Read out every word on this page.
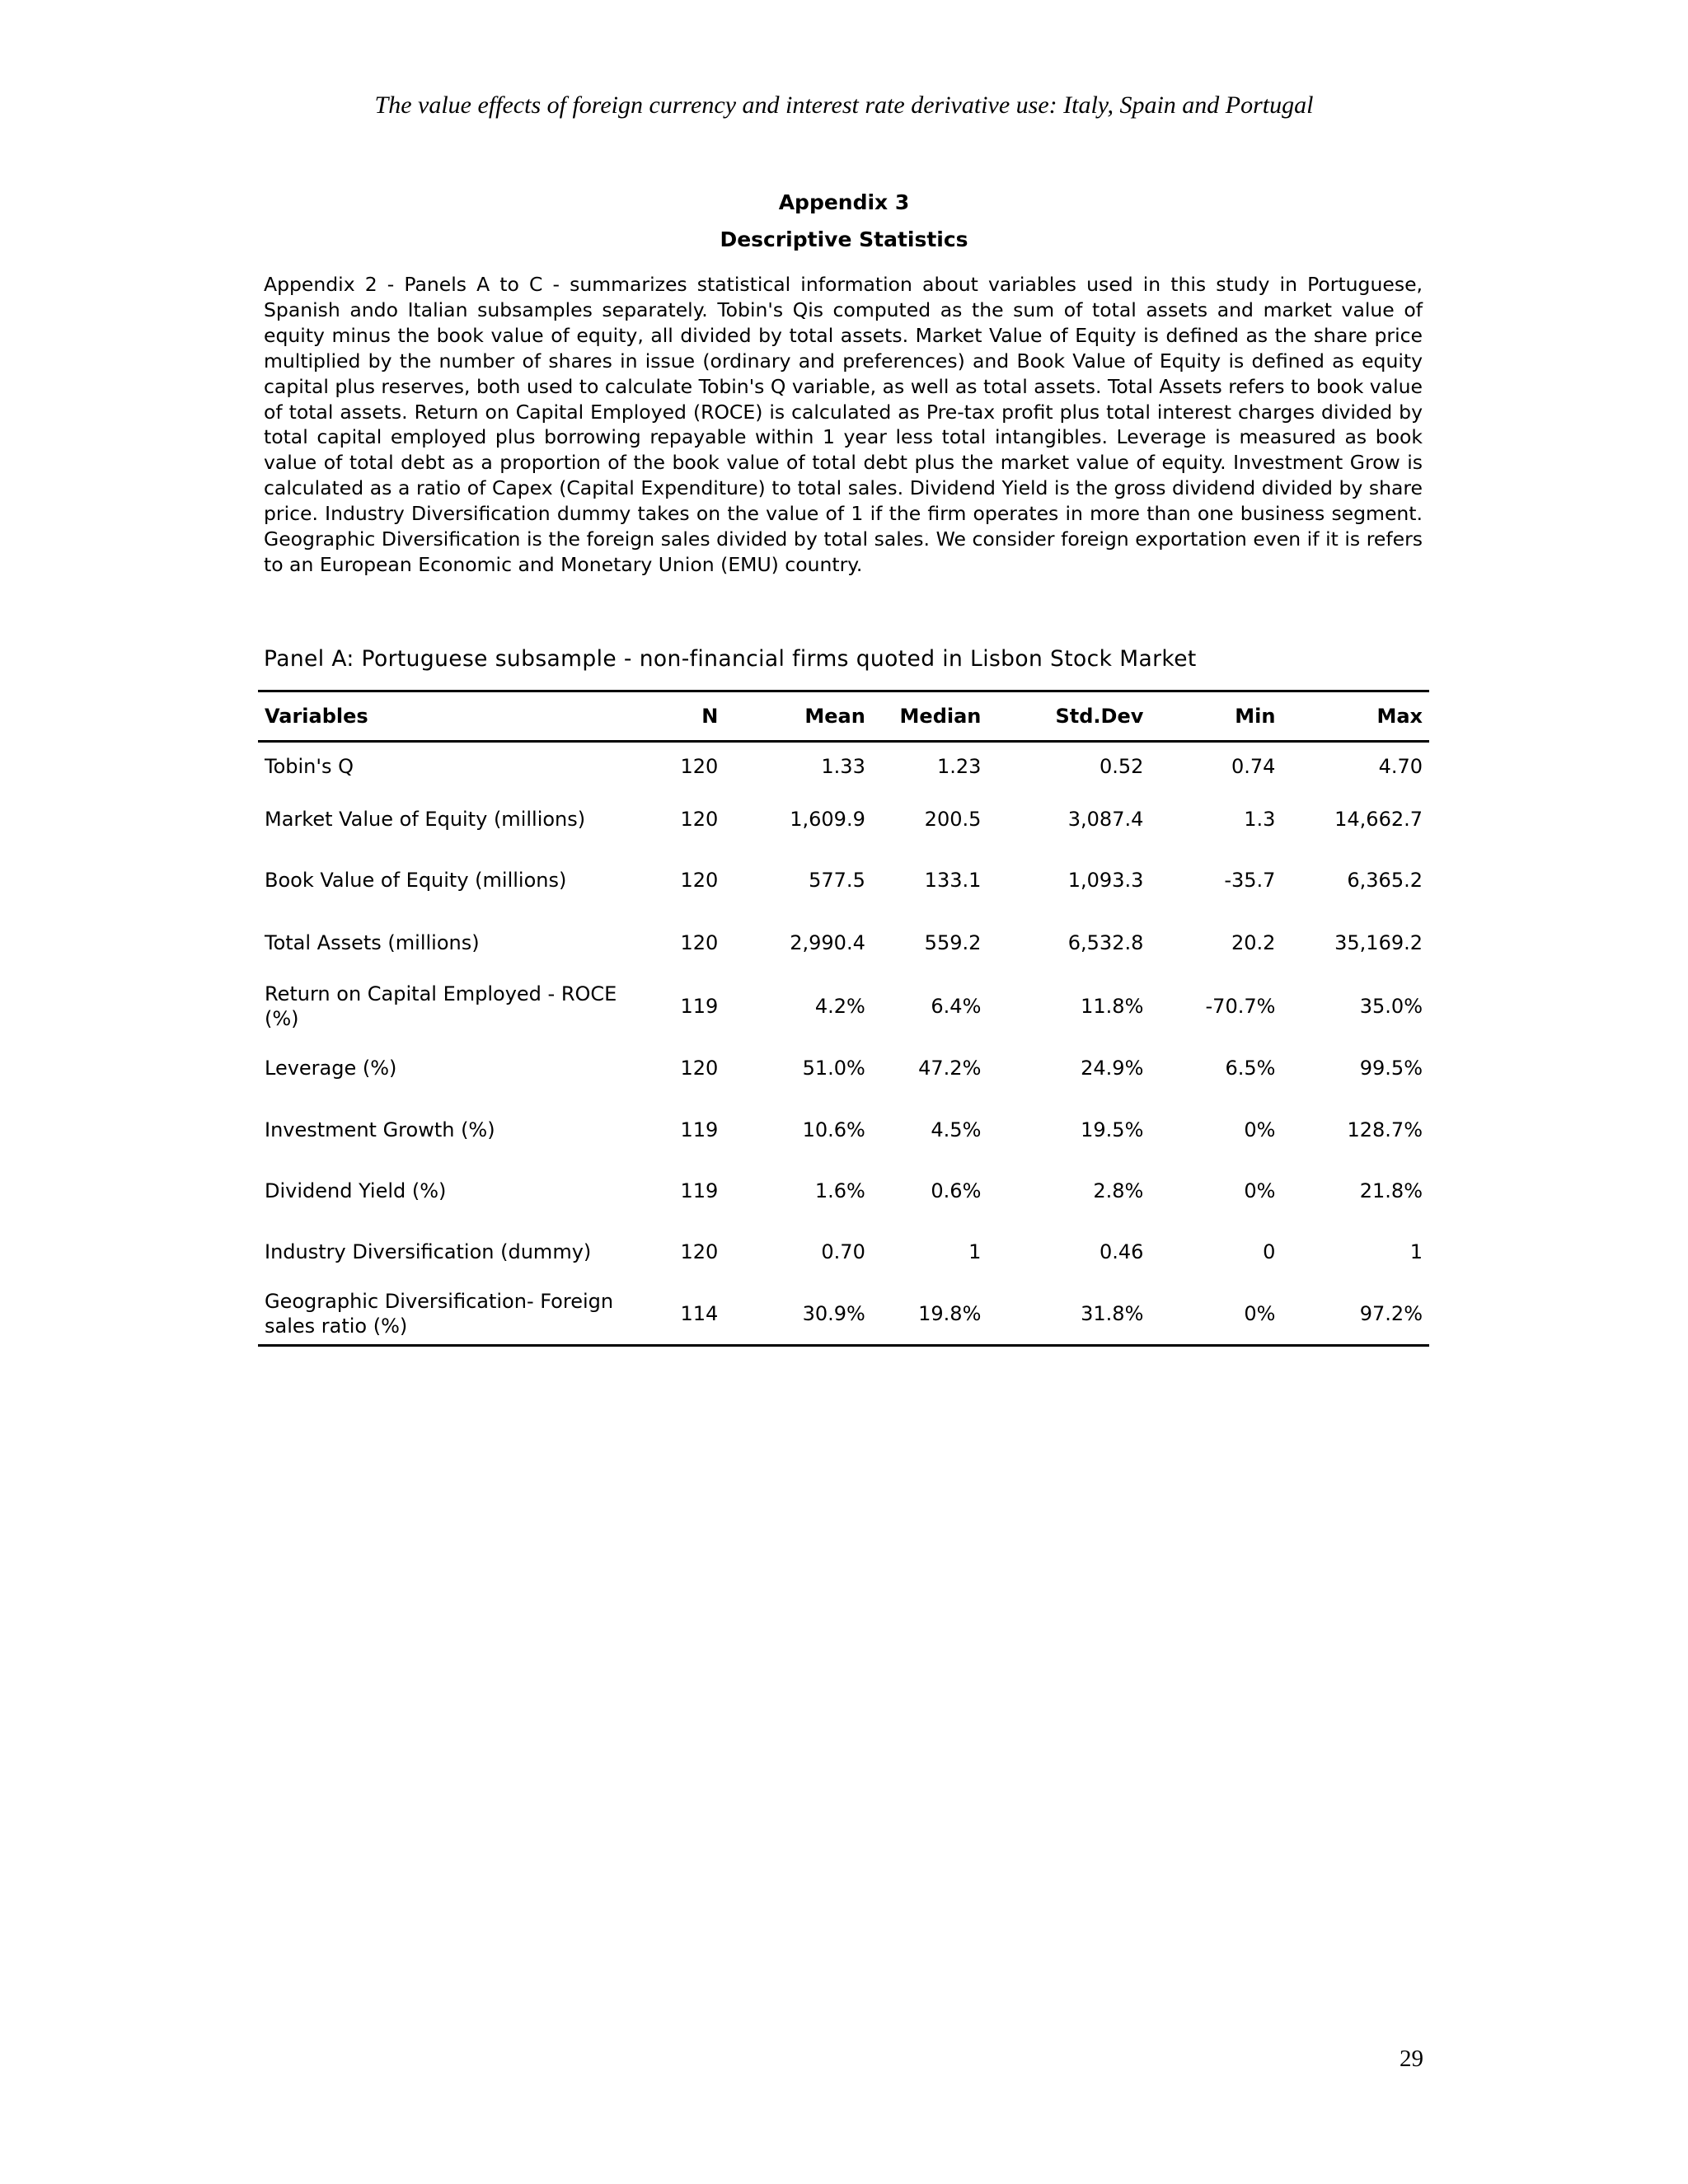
The value effects of foreign currency and interest rate derivative use: Italy, Spain and Portugal
Appendix 3
Descriptive Statistics
Appendix 2 - Panels A to C - summarizes statistical information about variables used in this study in Portuguese, Spanish ando Italian subsamples separately. Tobin's Qis computed as the sum of total assets and market value of equity minus the book value of equity, all divided by total assets. Market Value of Equity is defined as the share price multiplied by the number of shares in issue (ordinary and preferences) and Book Value of Equity is defined as equity capital plus reserves, both used to calculate Tobin's Q variable, as well as total assets. Total Assets refers to book value of total assets. Return on Capital Employed (ROCE) is calculated as Pre-tax profit plus total interest charges divided by total capital employed plus borrowing repayable within 1 year less total intangibles. Leverage is measured as book value of total debt as a proportion of the book value of total debt plus the market value of equity. Investment Grow is calculated as a ratio of Capex (Capital Expenditure) to total sales. Dividend Yield is the gross dividend divided by share price. Industry Diversification dummy takes on the value of 1 if the firm operates in more than one business segment. Geographic Diversification is the foreign sales divided by total sales. We consider foreign exportation even if it is refers to an European Economic and Monetary Union (EMU) country.
Panel A: Portuguese subsample - non-financial firms quoted in Lisbon Stock Market
Variables	N	Mean	Median	Std.Dev	Min	Max
Tobin's Q	120	1.33	1.23	0.52	0.74	4.70
Market Value of Equity (millions)	120	1,609.9	200.5	3,087.4	1.3	14,662.7
Book Value of Equity (millions)	120	577.5	133.1	1,093.3	-35.7	6,365.2
Total Assets (millions)	120	2,990.4	559.2	6,532.8	20.2	35,169.2
Return on Capital Employed - ROCE (%)	119	4.2%	6.4%	11.8%	-70.7%	35.0%
Leverage (%)	120	51.0%	47.2%	24.9%	6.5%	99.5%
Investment Growth (%)	119	10.6%	4.5%	19.5%	0%	128.7%
Dividend Yield (%)	119	1.6%	0.6%	2.8%	0%	21.8%
Industry Diversification (dummy)	120	0.70	1	0.46	0	1
Geographic Diversification- Foreign sales ratio (%)	114	30.9%	19.8%	31.8%	0%	97.2%
29
